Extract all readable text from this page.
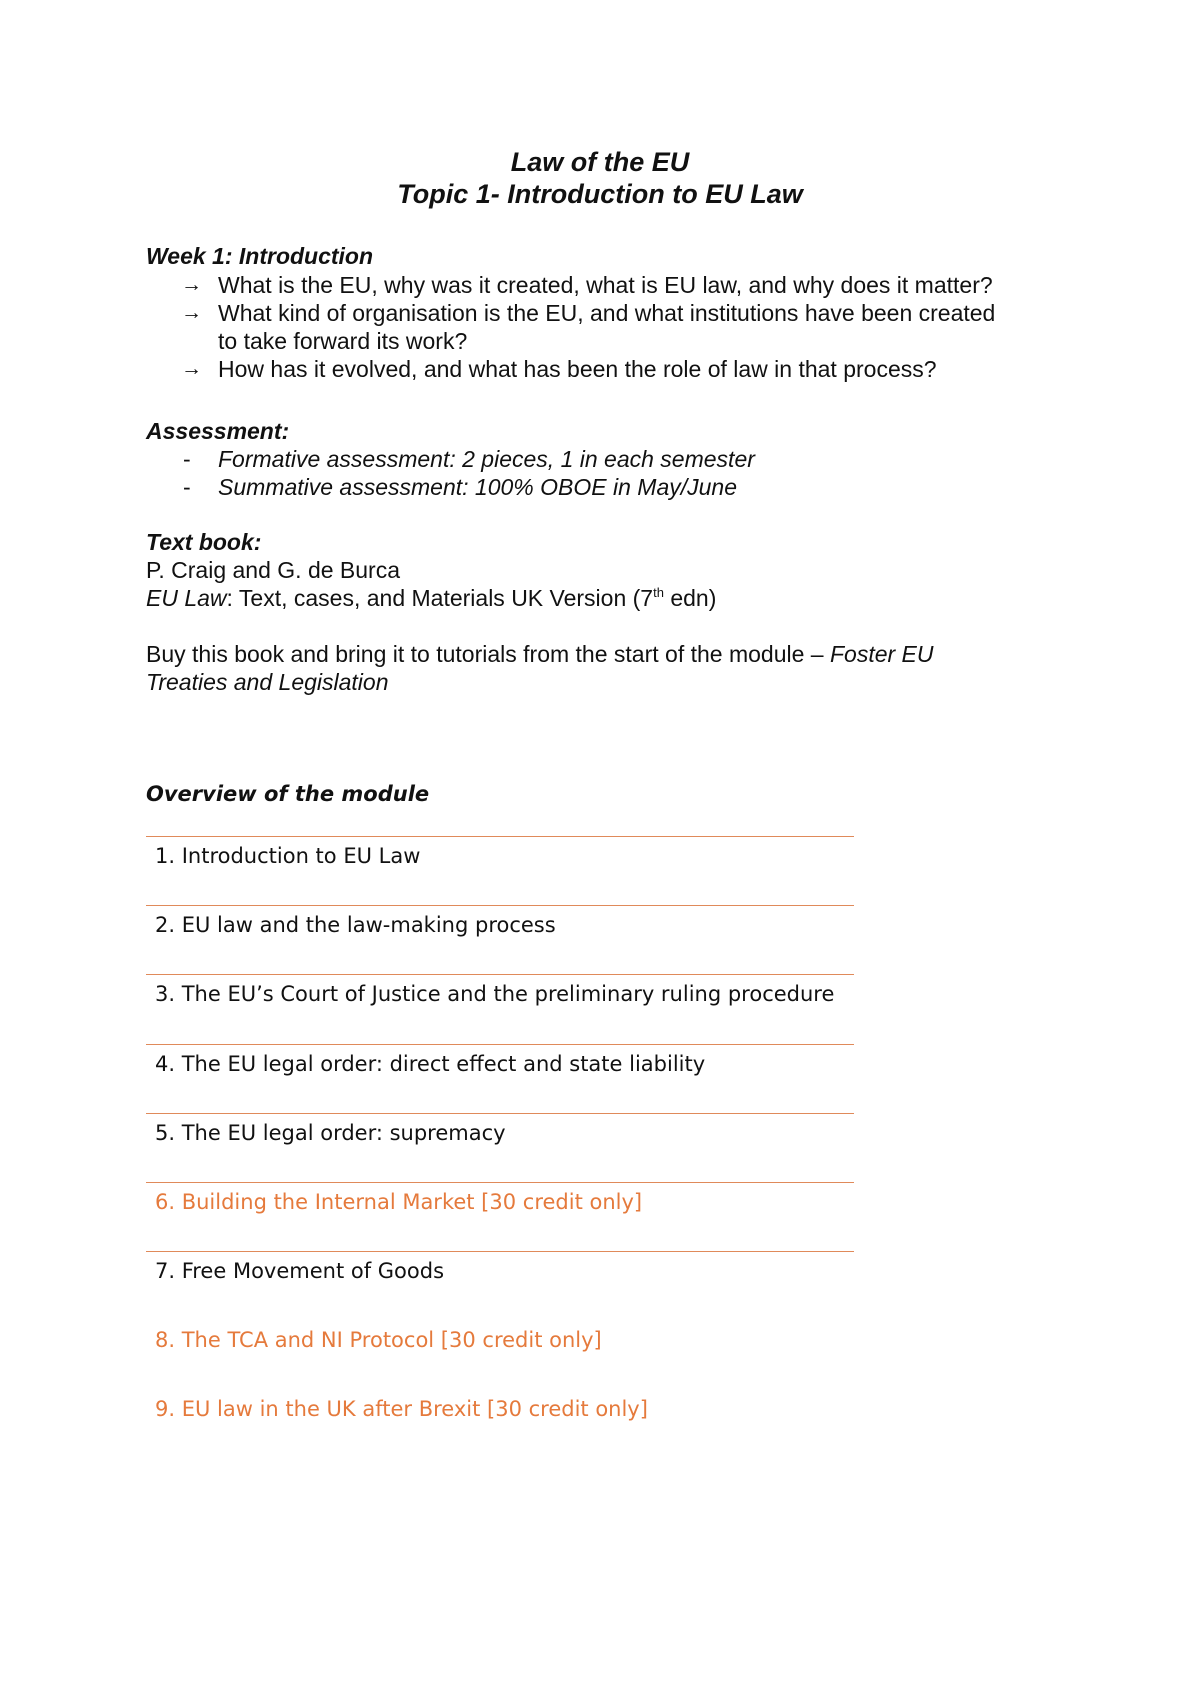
Law of the EU
Topic 1- Introduction to EU Law
Week 1: Introduction
→ What is the EU, why was it created, what is EU law, and why does it matter?
→ What kind of organisation is the EU, and what institutions have been created
to take forward its work?
→ How has it evolved, and what has been the role of law in that process?
Assessment:
- Formative assessment: 2 pieces, 1 in each semester
- Summative assessment: 100% OBOE in May/June
Text book:
P. Craig and G. de Burca
EU Law: Text, cases, and Materials UK Version (7th edn)
Buy this book and bring it to tutorials from the start of the module – Foster EU
Treaties and Legislation
Overview of the module
1. Introduction to EU Law
2. EU law and the law-making process
3. The EU’s Court of Justice and the preliminary ruling procedure
4. The EU legal order: direct effect and state liability
5. The EU legal order: supremacy
6. Building the Internal Market [30 credit only]
7. Free Movement of Goods
8. The TCA and NI Protocol [30 credit only]
9. EU law in the UK after Brexit [30 credit only]
